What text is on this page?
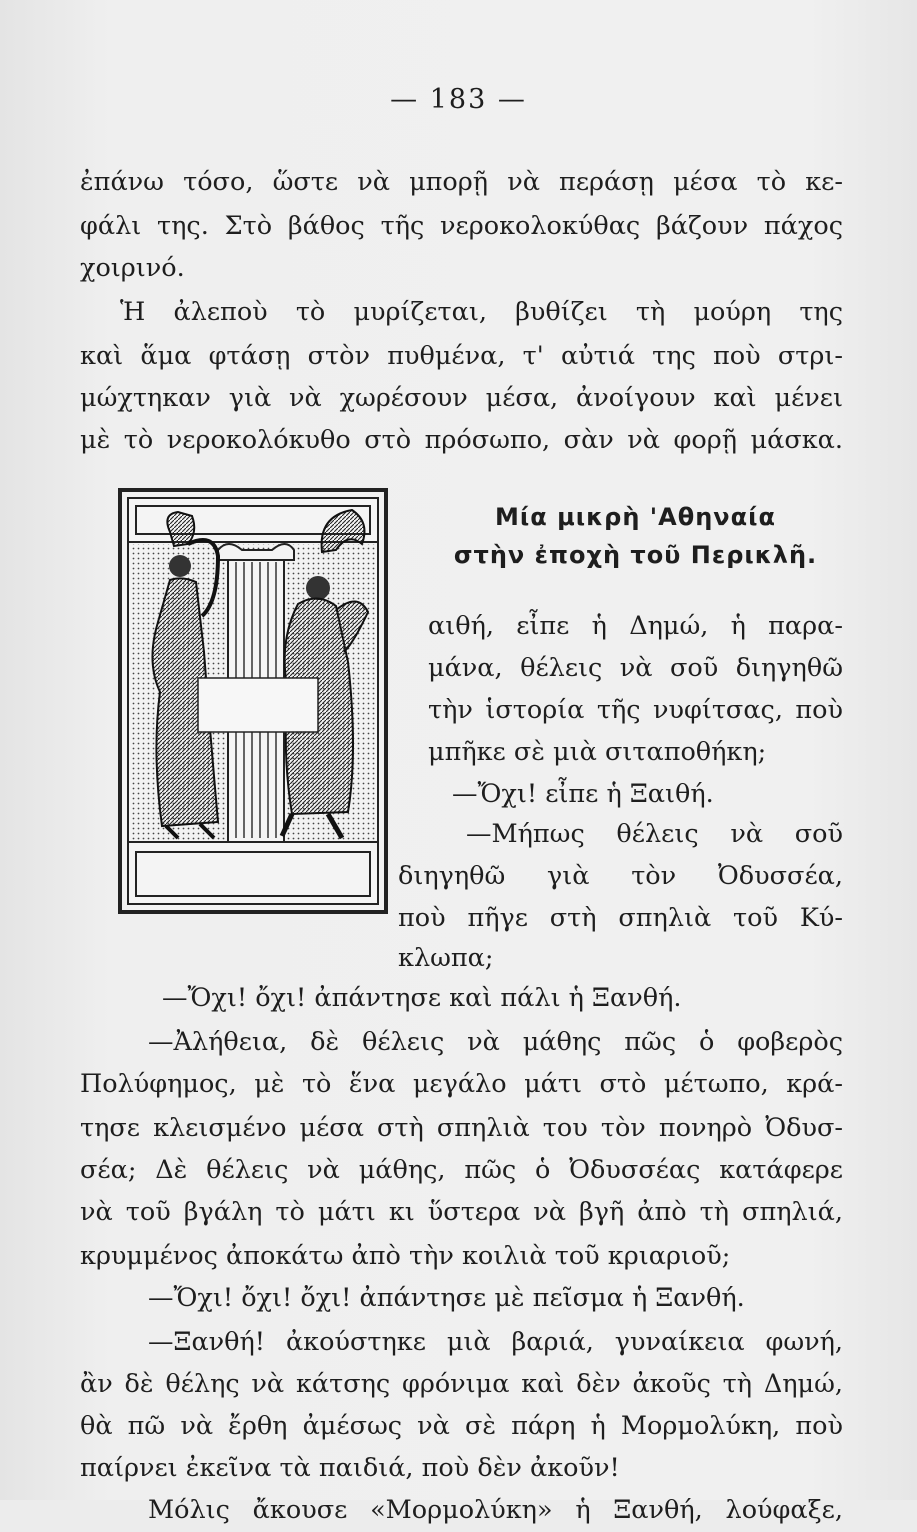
— 183 —
ἐπάνω τόσο, ὥστε νὰ μπορῇ νὰ περάσῃ μέσα τὸ κε-
φάλι της. Στὸ βάθος τῆς νεροκολοκύθας βάζουν πάχος
χοιρινό.
Ἡ ἀλεποὺ τὸ μυρίζεται, βυθίζει τὴ μούρη της
καὶ ἅμα φτάσῃ στὸν πυθμένα, τ' αὐτιά της ποὺ στρι-
μώχτηκαν γιὰ νὰ χωρέσουν μέσα, ἀνοίγουν καὶ μένει
μὲ τὸ νεροκολόκυθο στὸ πρόσωπο, σὰν νὰ φορῇ μάσκα.
Μία μικρὴ 'Αθηναία
στὴν ἐποχὴ τοῦ Περικλῆ.
αιθή, εἶπε ἡ Δημώ, ἡ παρα-
μάνα, θέλεις νὰ σοῦ διηγηθῶ
τὴν ἱστορία τῆς νυφίτσας, ποὺ
μπῆκε σὲ μιὰ σιταποθήκη;
—Ὄχι! εἶπε ἡ Ξαιθή.
—Μήπως θέλεις νὰ σοῦ
διηγηθῶ γιὰ τὸν Ὀδυσσέα,
ποὺ πῆγε στὴ σπηλιὰ τοῦ Κύ-
κλωπα;
—Ὄχι! ὄχι! ἀπάντησε καὶ πάλι ἡ Ξανθή.
—Ἀλήθεια, δὲ θέλεις νὰ μάθης πῶς ὁ φοβερὸς
Πολύφημος, μὲ τὸ ἕνα μεγάλο μάτι στὸ μέτωπο, κρά-
τησε κλεισμένο μέσα στὴ σπηλιὰ του τὸν πονηρὸ Ὀδυσ-
σέα; Δὲ θέλεις νὰ μάθης, πῶς ὁ Ὀδυσσέας κατάφερε
νὰ τοῦ βγάλη τὸ μάτι κι ὕστερα νὰ βγῆ ἀπὸ τὴ σπηλιά,
κρυμμένος ἀποκάτω ἀπὸ τὴν κοιλιὰ τοῦ κριαριοῦ;
—Ὄχι! ὄχι! ὄχι! ἀπάντησε μὲ πεῖσμα ἡ Ξανθή.
—Ξανθή! ἀκούστηκε μιὰ βαριά, γυναίκεια φωνή,
ἂν δὲ θέλης νὰ κάτσης φρόνιμα καὶ δὲν ἀκοῦς τὴ Δημώ,
θὰ πῶ νὰ ἔρθη ἀμέσως νὰ σὲ πάρη ἡ Μορμολύκη, ποὺ
παίρνει ἐκεῖνα τὰ παιδιά, ποὺ δὲν ἀκοῦν!
Μόλις ἄκουσε «Μορμολύκη» ἡ Ξανθή, λούφαξε,
